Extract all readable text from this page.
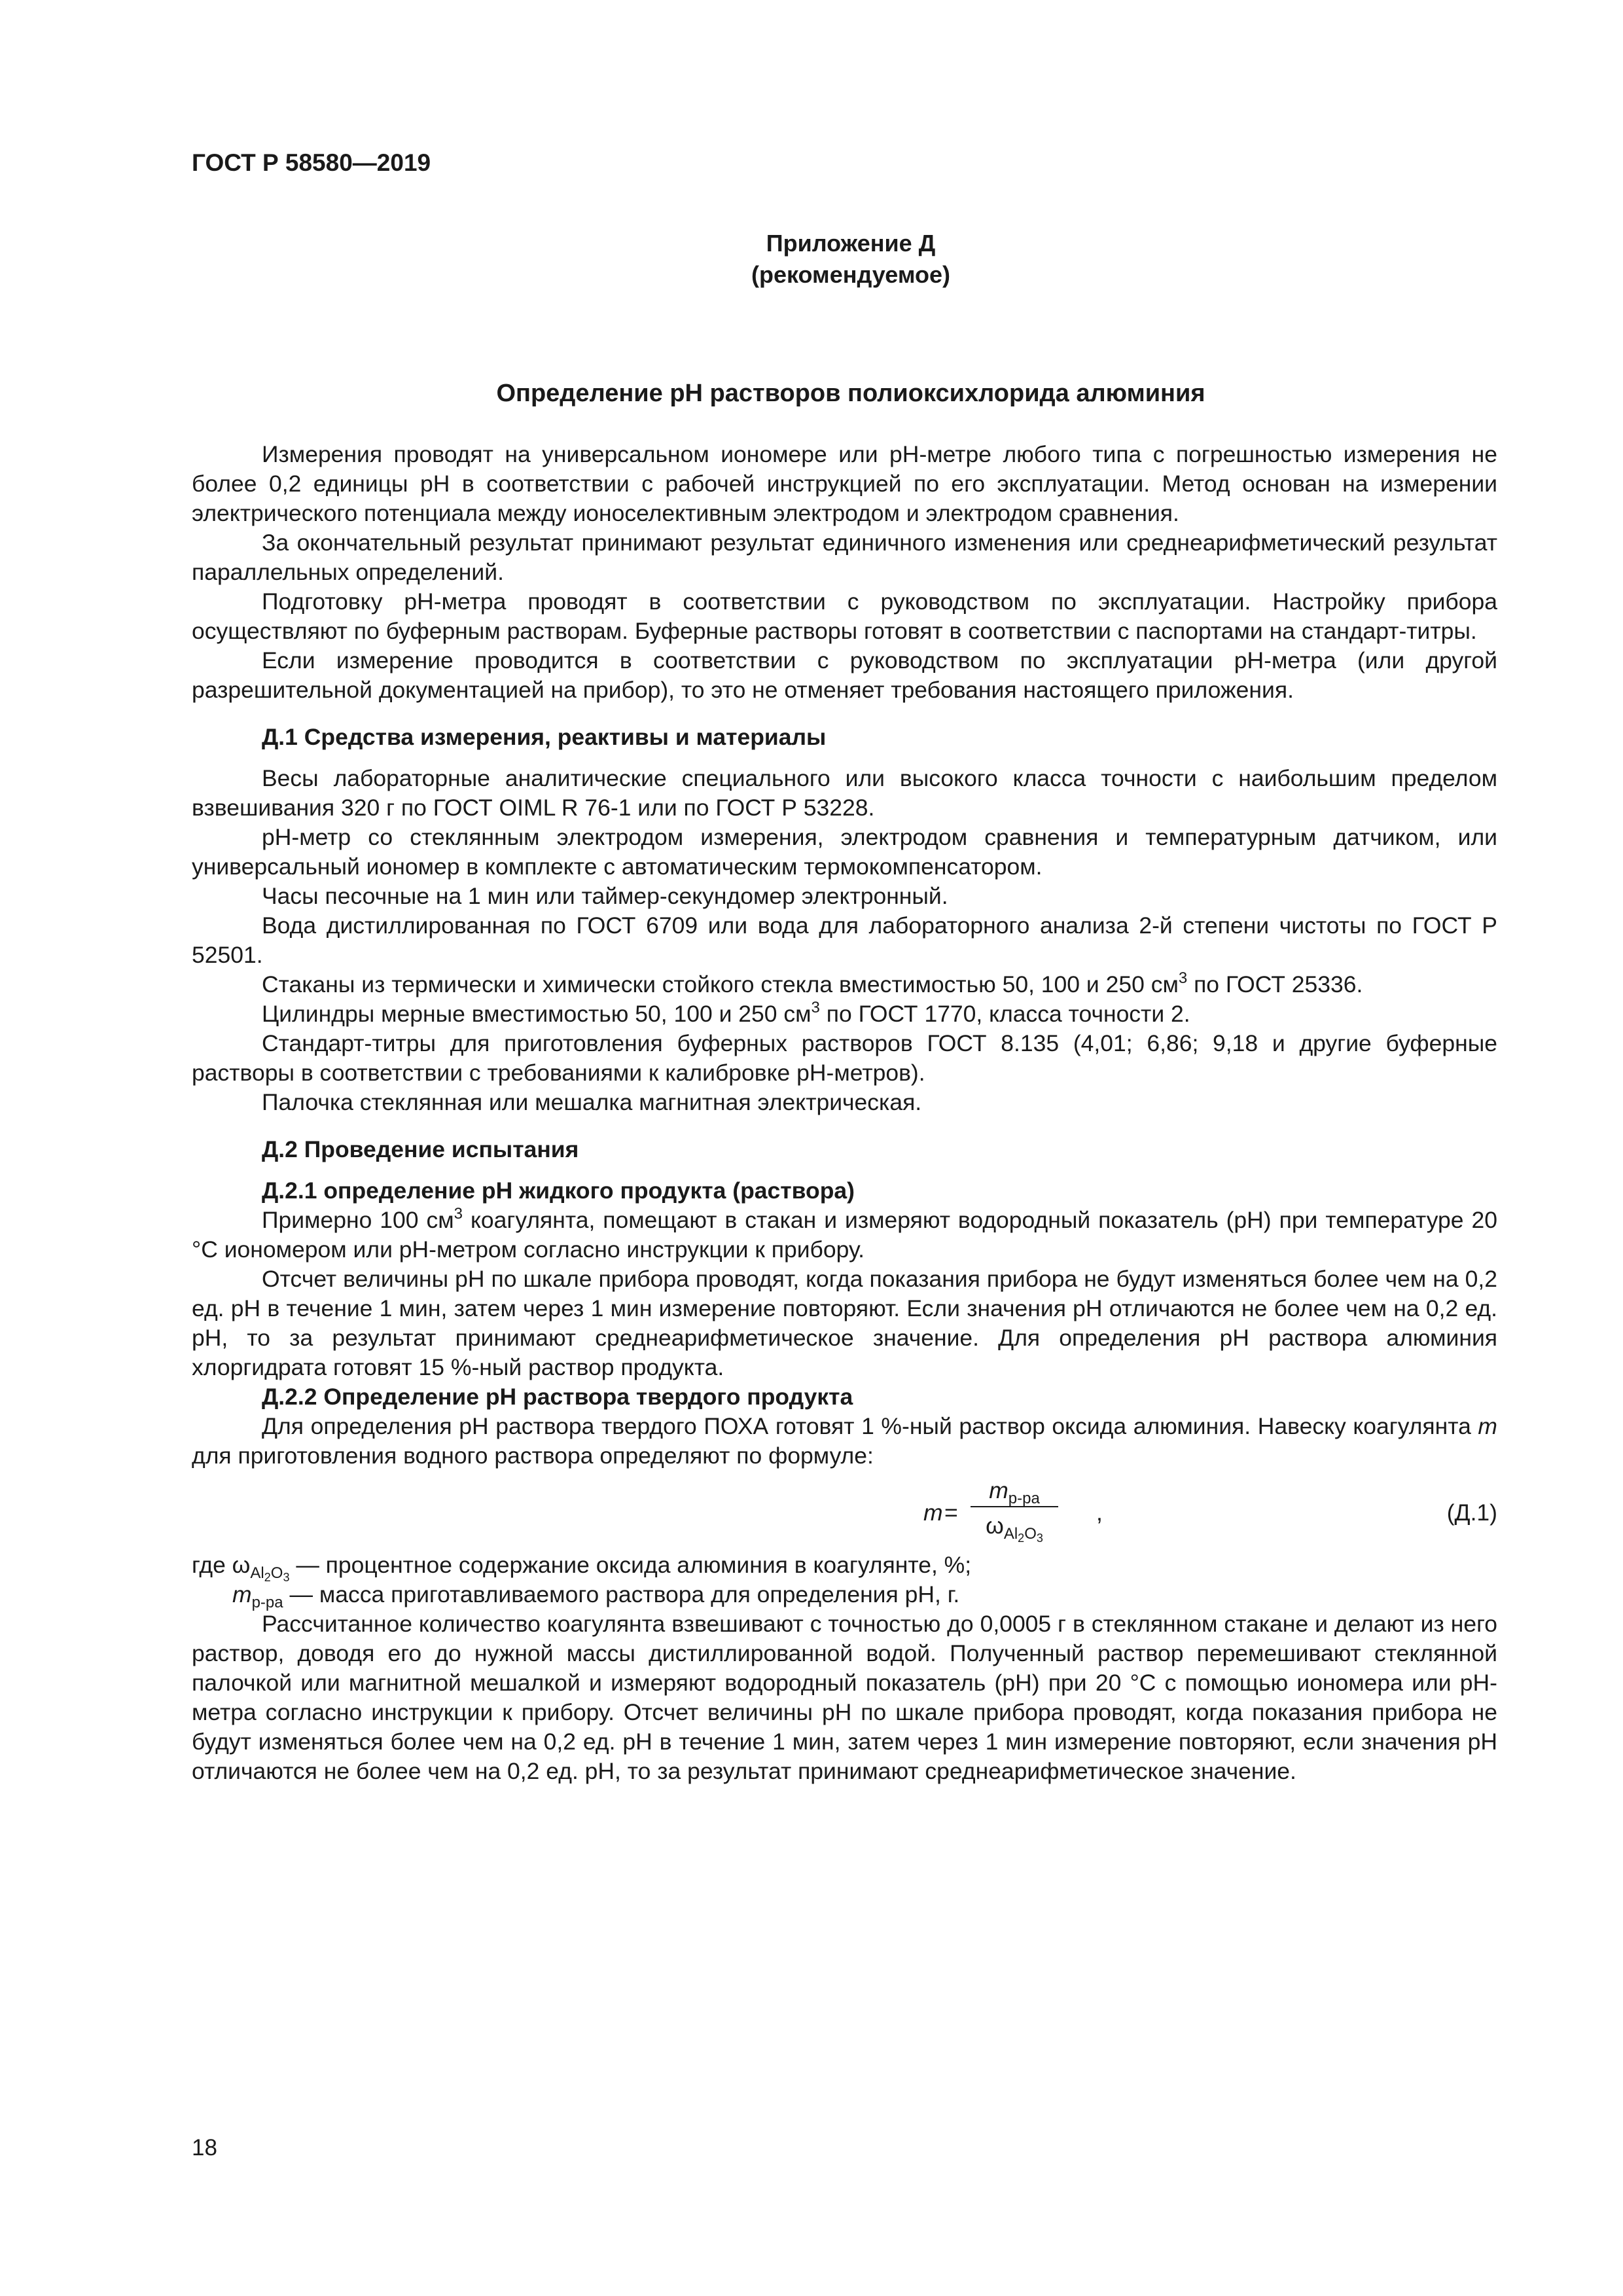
ГОСТ Р 58580—2019
Приложение Д
(рекомендуемое)
Определение pH растворов полиоксихлорида алюминия

Измерения проводят на универсальном иономере или pH-метре любого типа с погрешностью измерения не более 0,2 единицы pH в соответствии с рабочей инструкцией по его эксплуатации. Метод основан на измерении электрического потенциала между ионоселективным электродом и электродом сравнения.

За окончательный результат принимают результат единичного изменения или среднеарифметический результат параллельных определений.

Подготовку pH-метра проводят в соответствии с руководством по эксплуатации. Настройку прибора осуществляют по буферным растворам. Буферные растворы готовят в соответствии с паспортами на стандарт-титры.

Если измерение проводится в соответствии с руководством по эксплуатации pH-метра (или другой разрешительной документацией на прибор), то это не отменяет требования настоящего приложения.

Д.1 Средства измерения, реактивы и материалы

Весы лабораторные аналитические специального или высокого класса точности с наибольшим пределом взвешивания 320 г по ГОСТ OIML R 76-1 или по ГОСТ Р 53228.

pH-метр со стеклянным электродом измерения, электродом сравнения и температурным датчиком, или универсальный иономер в комплекте с автоматическим термокомпенсатором.

Часы песочные на 1 мин или таймер-секундомер электронный.

Вода дистиллированная по ГОСТ 6709 или вода для лабораторного анализа 2-й степени чистоты по ГОСТ Р 52501.

Стаканы из термически и химически стойкого стекла вместимостью 50, 100 и 250 $см^3$ по ГОСТ 25336.

Цилиндры мерные вместимостью 50, 100 и 250 $см^3$ по ГОСТ 1770, класса точности 2.

Стандарт-титры для приготовления буферных растворов ГОСТ 8.135 (4,01; 6,86; 9,18 и другие буферные растворы в соответствии с требованиями к калибровке pH-метров).

Палочка стеклянная или мешалка магнитная электрическая.

Д.2 Проведение испытания
Д.2.1 определение pH жидкого продукта (раствора)

Примерно 100 $см^3$ коагулянта, помещают в стакан и измеряют водородный показатель (pH) при температуре 20 °С иономером или pH-метром согласно инструкции к прибору.

Отсчет величины pH по шкале прибора проводят, когда показания прибора не будут изменяться более чем на 0,2 ед. pH в течение 1 мин, затем через 1 мин измерение повторяют. Если значения pH отличаются не более чем на 0,2 ед. pH, то за результат принимают среднеарифметическое значение. Для определения pH раствора алюминия хлоргидрата готовят 15 %-ный раствор продукта.

Д.2.2 Определение pH раствора твердого продукта

Для определения pH раствора твердого ПОХА готовят 1 %-ный раствор оксида алюминия. Навеску коагулянта m для приготовления водного раствора определяют по формуле:

m =
$m_{р-ра}$
$\omega_{Al_2O_3}$
,	(Д.1)

где $\omega_{Al_2O_3}$ — процентное содержание оксида алюминия в коагулянте, %;

$m_{р-ра}$ — масса приготавливаемого раствора для определения pH, г.

Рассчитанное количество коагулянта взвешивают с точностью до 0,0005 г в стеклянном стакане и делают из него раствор, доводя его до нужной массы дистиллированной водой. Полученный раствор перемешивают стеклянной палочкой или магнитной мешалкой и измеряют водородный показатель (pH) при 20 °С с помощью иономера или pH-метра согласно инструкции к прибору. Отсчет величины pH по шкале прибора проводят, когда показания прибора не будут изменяться более чем на 0,2 ед. pH в течение 1 мин, затем через 1 мин измерение повторяют, если значения pH отличаются не более чем на 0,2 ед. pH, то за результат принимают среднеарифметическое значение.

18
